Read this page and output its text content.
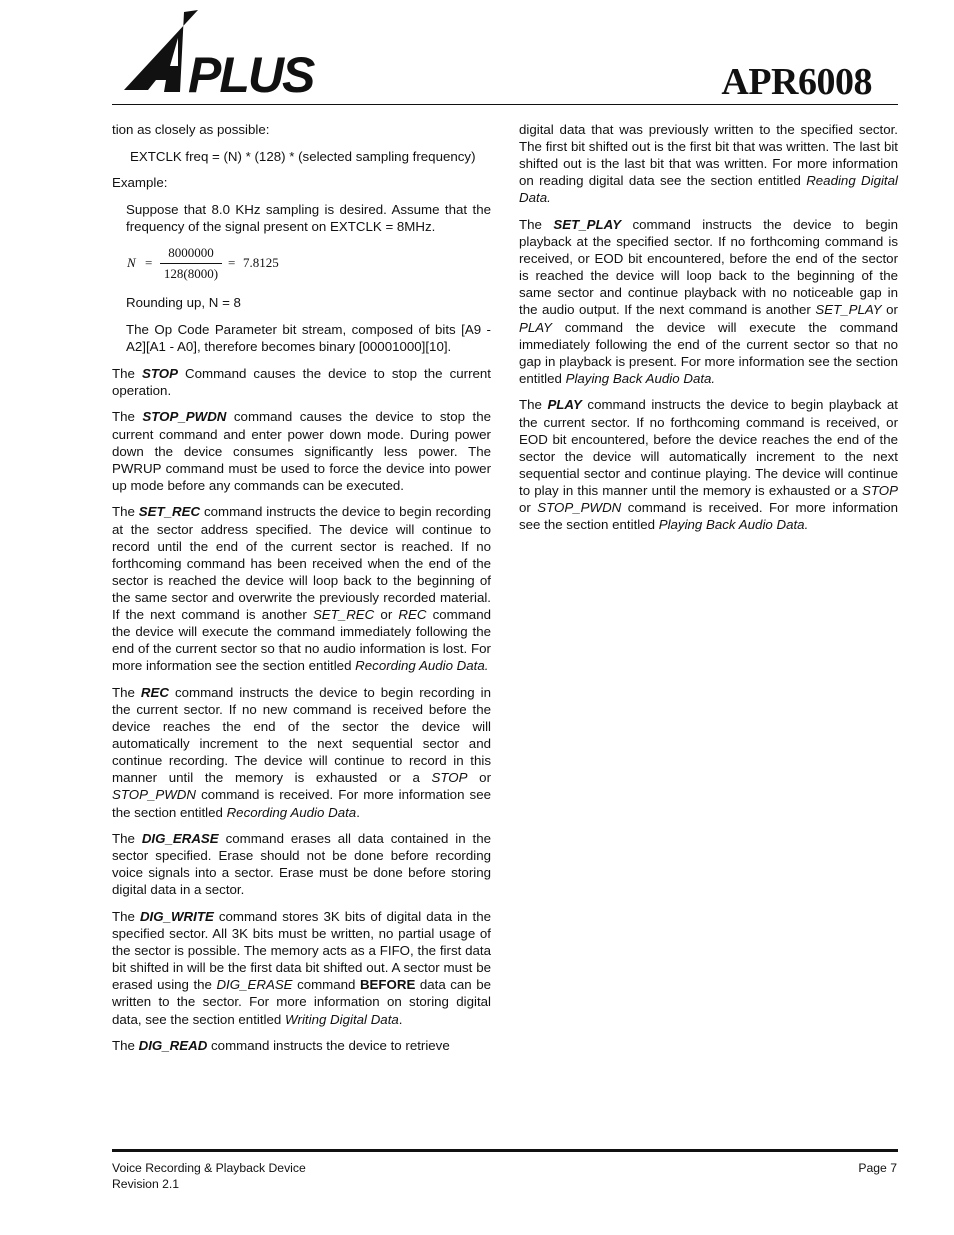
PLUS	APR6008

tion as closely as possible:

EXTCLK freq = (N) * (128) * (selected sampling frequency)

Example:

Suppose that 8.0 KHz sampling is desired. Assume that the frequency of the signal present on EXTCLK = 8MHz.

$N = \frac{8000000}{128(8000)} = 7.8125$

Rounding up, N = 8

The Op Code Parameter bit stream, composed of bits [A9 - A2][A1 - A0], therefore becomes binary [00001000][10].

The STOP Command causes the device to stop the current operation.

The STOP_PWDN command causes the device to stop the current command and enter power down mode. During power down the device consumes significantly less power. The PWRUP command must be used to force the device into power up mode before any commands can be executed.

The SET_REC command instructs the device to begin recording at the sector address specified. The device will continue to record until the end of the current sector is reached. If no forthcoming command has been received when the end of the sector is reached the device will loop back to the beginning of the same sector and overwrite the previously recorded material. If the next command is another SET_REC or REC command the device will execute the command immediately following the end of the current sector so that no audio information is lost. For more information see the section entitled Recording Audio Data.

The REC command instructs the device to begin recording in the current sector. If no new command is received before the device reaches the end of the sector the device will automatically increment to the next sequential sector and continue recording. The device will continue to record in this manner until the memory is exhausted or a STOP or STOP_PWDN command is received. For more information see the section entitled Recording Audio Data.

The DIG_ERASE command erases all data contained in the sector specified. Erase should not be done before recording voice signals into a sector. Erase must be done before storing digital data in a sector.

The DIG_WRITE command stores 3K bits of digital data in the specified sector. All 3K bits must be written, no partial usage of the sector is possible. The memory acts as a FIFO, the first data bit shifted in will be the first data bit shifted out. A sector must be erased using the DIG_ERASE command BEFORE data can be written to the sector. For more information on storing digital data, see the section entitled Writing Digital Data.

The DIG_READ command instructs the device to retrieve

digital data that was previously written to the specified sector. The first bit shifted out is the first bit that was written. The last bit shifted out is the last bit that was written. For more information on reading digital data see the section entitled Reading Digital Data.

The SET_PLAY command instructs the device to begin playback at the specified sector. If no forthcoming command is received, or EOD bit encountered, before the end of the sector is reached the device will loop back to the beginning of the same sector and continue playback with no noticeable gap in the audio output. If the next command is another SET_PLAY or PLAY command the device will execute the command immediately following the end of the current sector so that no gap in playback is present. For more information see the section entitled Playing Back Audio Data.

The PLAY command instructs the device to begin playback at the current sector. If no forthcoming command is received, or EOD bit encountered, before the device reaches the end of the sector the device will automatically increment to the next sequential sector and continue playing. The device will continue to play in this manner until the memory is exhausted or a STOP or STOP_PWDN command is received. For more information see the section entitled Playing Back Audio Data.

Voice Recording & Playback Device
Revision 2.1
Page 7
